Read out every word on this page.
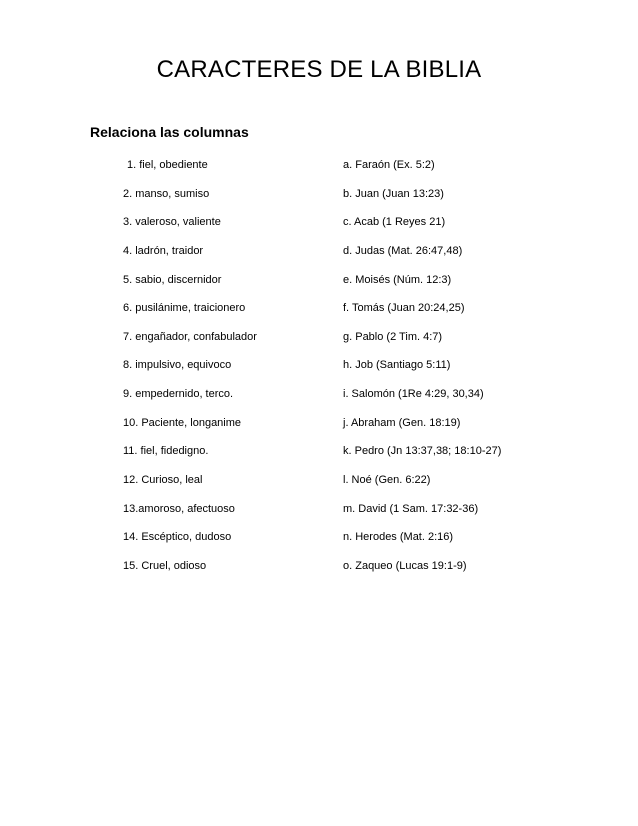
CARACTERES DE LA BIBLIA

Relaciona las columnas

1. fiel, obediente	a. Faraón (Ex. 5:2)
2. manso, sumiso	b. Juan (Juan 13:23)
3. valeroso, valiente	c. Acab (1 Reyes 21)
4. ladrón, traidor	d. Judas (Mat. 26:47,48)
5. sabio, discernidor	e. Moisés (Núm. 12:3)
6. pusilánime, traicionero	f. Tomás (Juan 20:24,25)
7. engañador, confabulador	g. Pablo (2 Tim. 4:7)
8. impulsivo, equivoco	h. Job (Santiago 5:11)
9. empedernido, terco.	i. Salomón (1Re 4:29, 30,34)
10. Paciente, longanime	j. Abraham (Gen. 18:19)
11. fiel, fidedigno.	k. Pedro (Jn 13:37,38; 18:10-27)
12. Curioso, leal	l. Noé (Gen. 6:22)
13.amoroso, afectuoso	m. David (1 Sam. 17:32-36)
14. Escéptico, dudoso	n. Herodes (Mat. 2:16)
15. Cruel, odioso	o. Zaqueo (Lucas 19:1-9)
